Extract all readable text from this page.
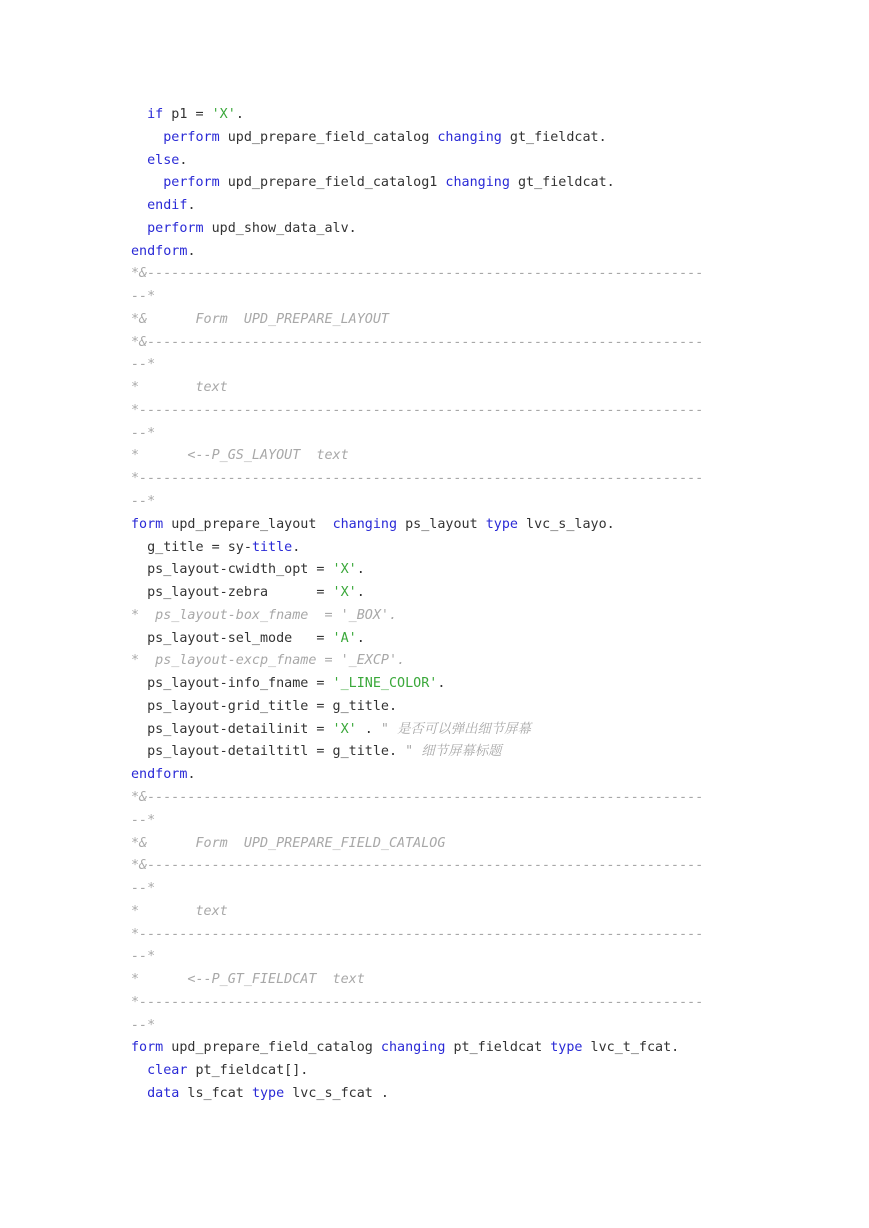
if p1 = 'X'.
perform upd_prepare_field_catalog changing gt_fieldcat.
else.
perform upd_prepare_field_catalog1 changing gt_fieldcat.
endif.
perform upd_show_data_alv.
endform.
*&---------------------------------------------------------------------
--*
*&      Form  UPD_PREPARE_LAYOUT
*&---------------------------------------------------------------------
--*
*       text
*----------------------------------------------------------------------
--*
*      <--P_GS_LAYOUT  text
*----------------------------------------------------------------------
--*
form upd_prepare_layout  changing ps_layout type lvc_s_layo.
g_title = sy-title.
ps_layout-cwidth_opt = 'X'.
ps_layout-zebra      = 'X'.
*  ps_layout-box_fname  = '_BOX'.
ps_layout-sel_mode   = 'A'.
*  ps_layout-excp_fname = '_EXCP'.
ps_layout-info_fname = '_LINE_COLOR'.
ps_layout-grid_title = g_title.
ps_layout-detailinit = 'X' . " 是否可以弹出细节屏幕
ps_layout-detailtitl = g_title. " 细节屏幕标题
endform.
*&---------------------------------------------------------------------
--*
*&      Form  UPD_PREPARE_FIELD_CATALOG
*&---------------------------------------------------------------------
--*
*       text
*----------------------------------------------------------------------
--*
*      <--P_GT_FIELDCAT  text
*----------------------------------------------------------------------
--*
form upd_prepare_field_catalog changing pt_fieldcat type lvc_t_fcat.
clear pt_fieldcat[].
data ls_fcat type lvc_s_fcat .
